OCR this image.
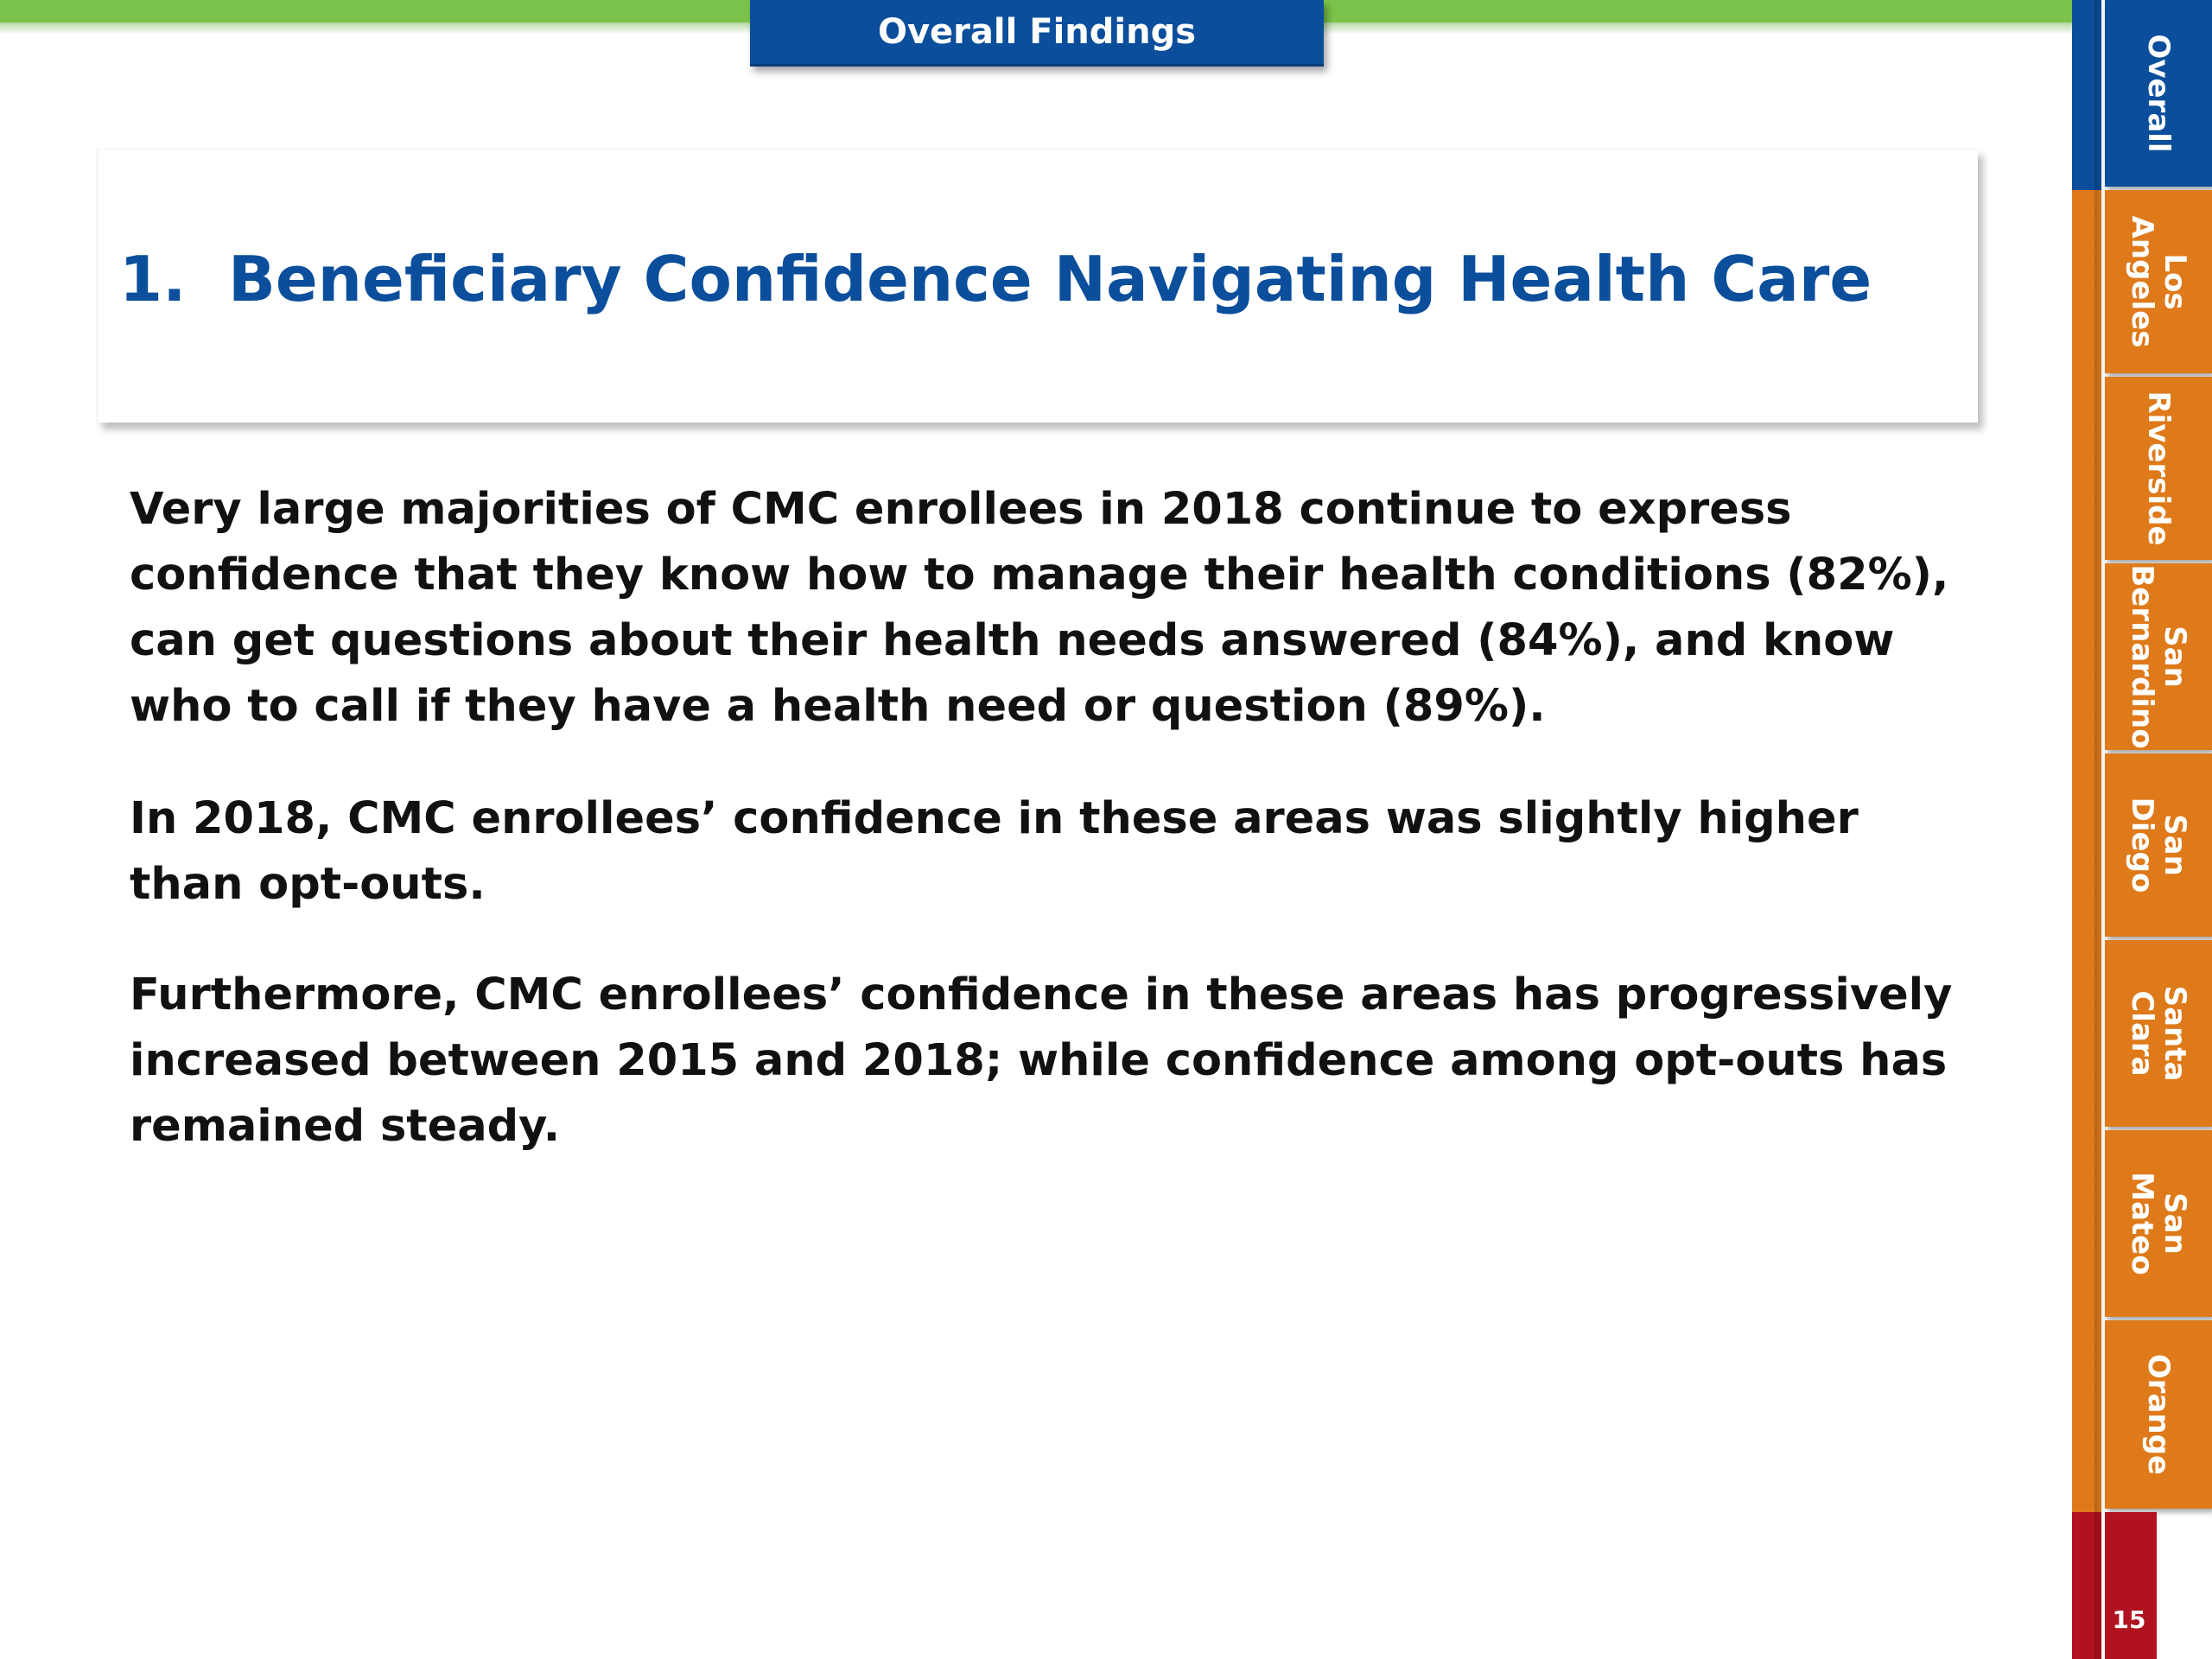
Overall Findings
1. Beneficiary Confidence Navigating Health Care

Very large majorities of CMC enrollees in 2018 continue to express confidence that they know how to manage their health conditions (82%), can get questions about their health needs answered (84%), and know who to call if they have a health need or question (89%).

In 2018, CMC enrollees’ confidence in these areas was slightly higher than opt-outs.

Furthermore, CMC enrollees’ confidence in these areas has progressively increased between 2015 and 2018; while confidence among opt-outs has remained steady.

Overall
Los
Angeles
Riverside
San
Bernardino
San
Diego
Santa
Clara
San
Mateo
Orange
15
